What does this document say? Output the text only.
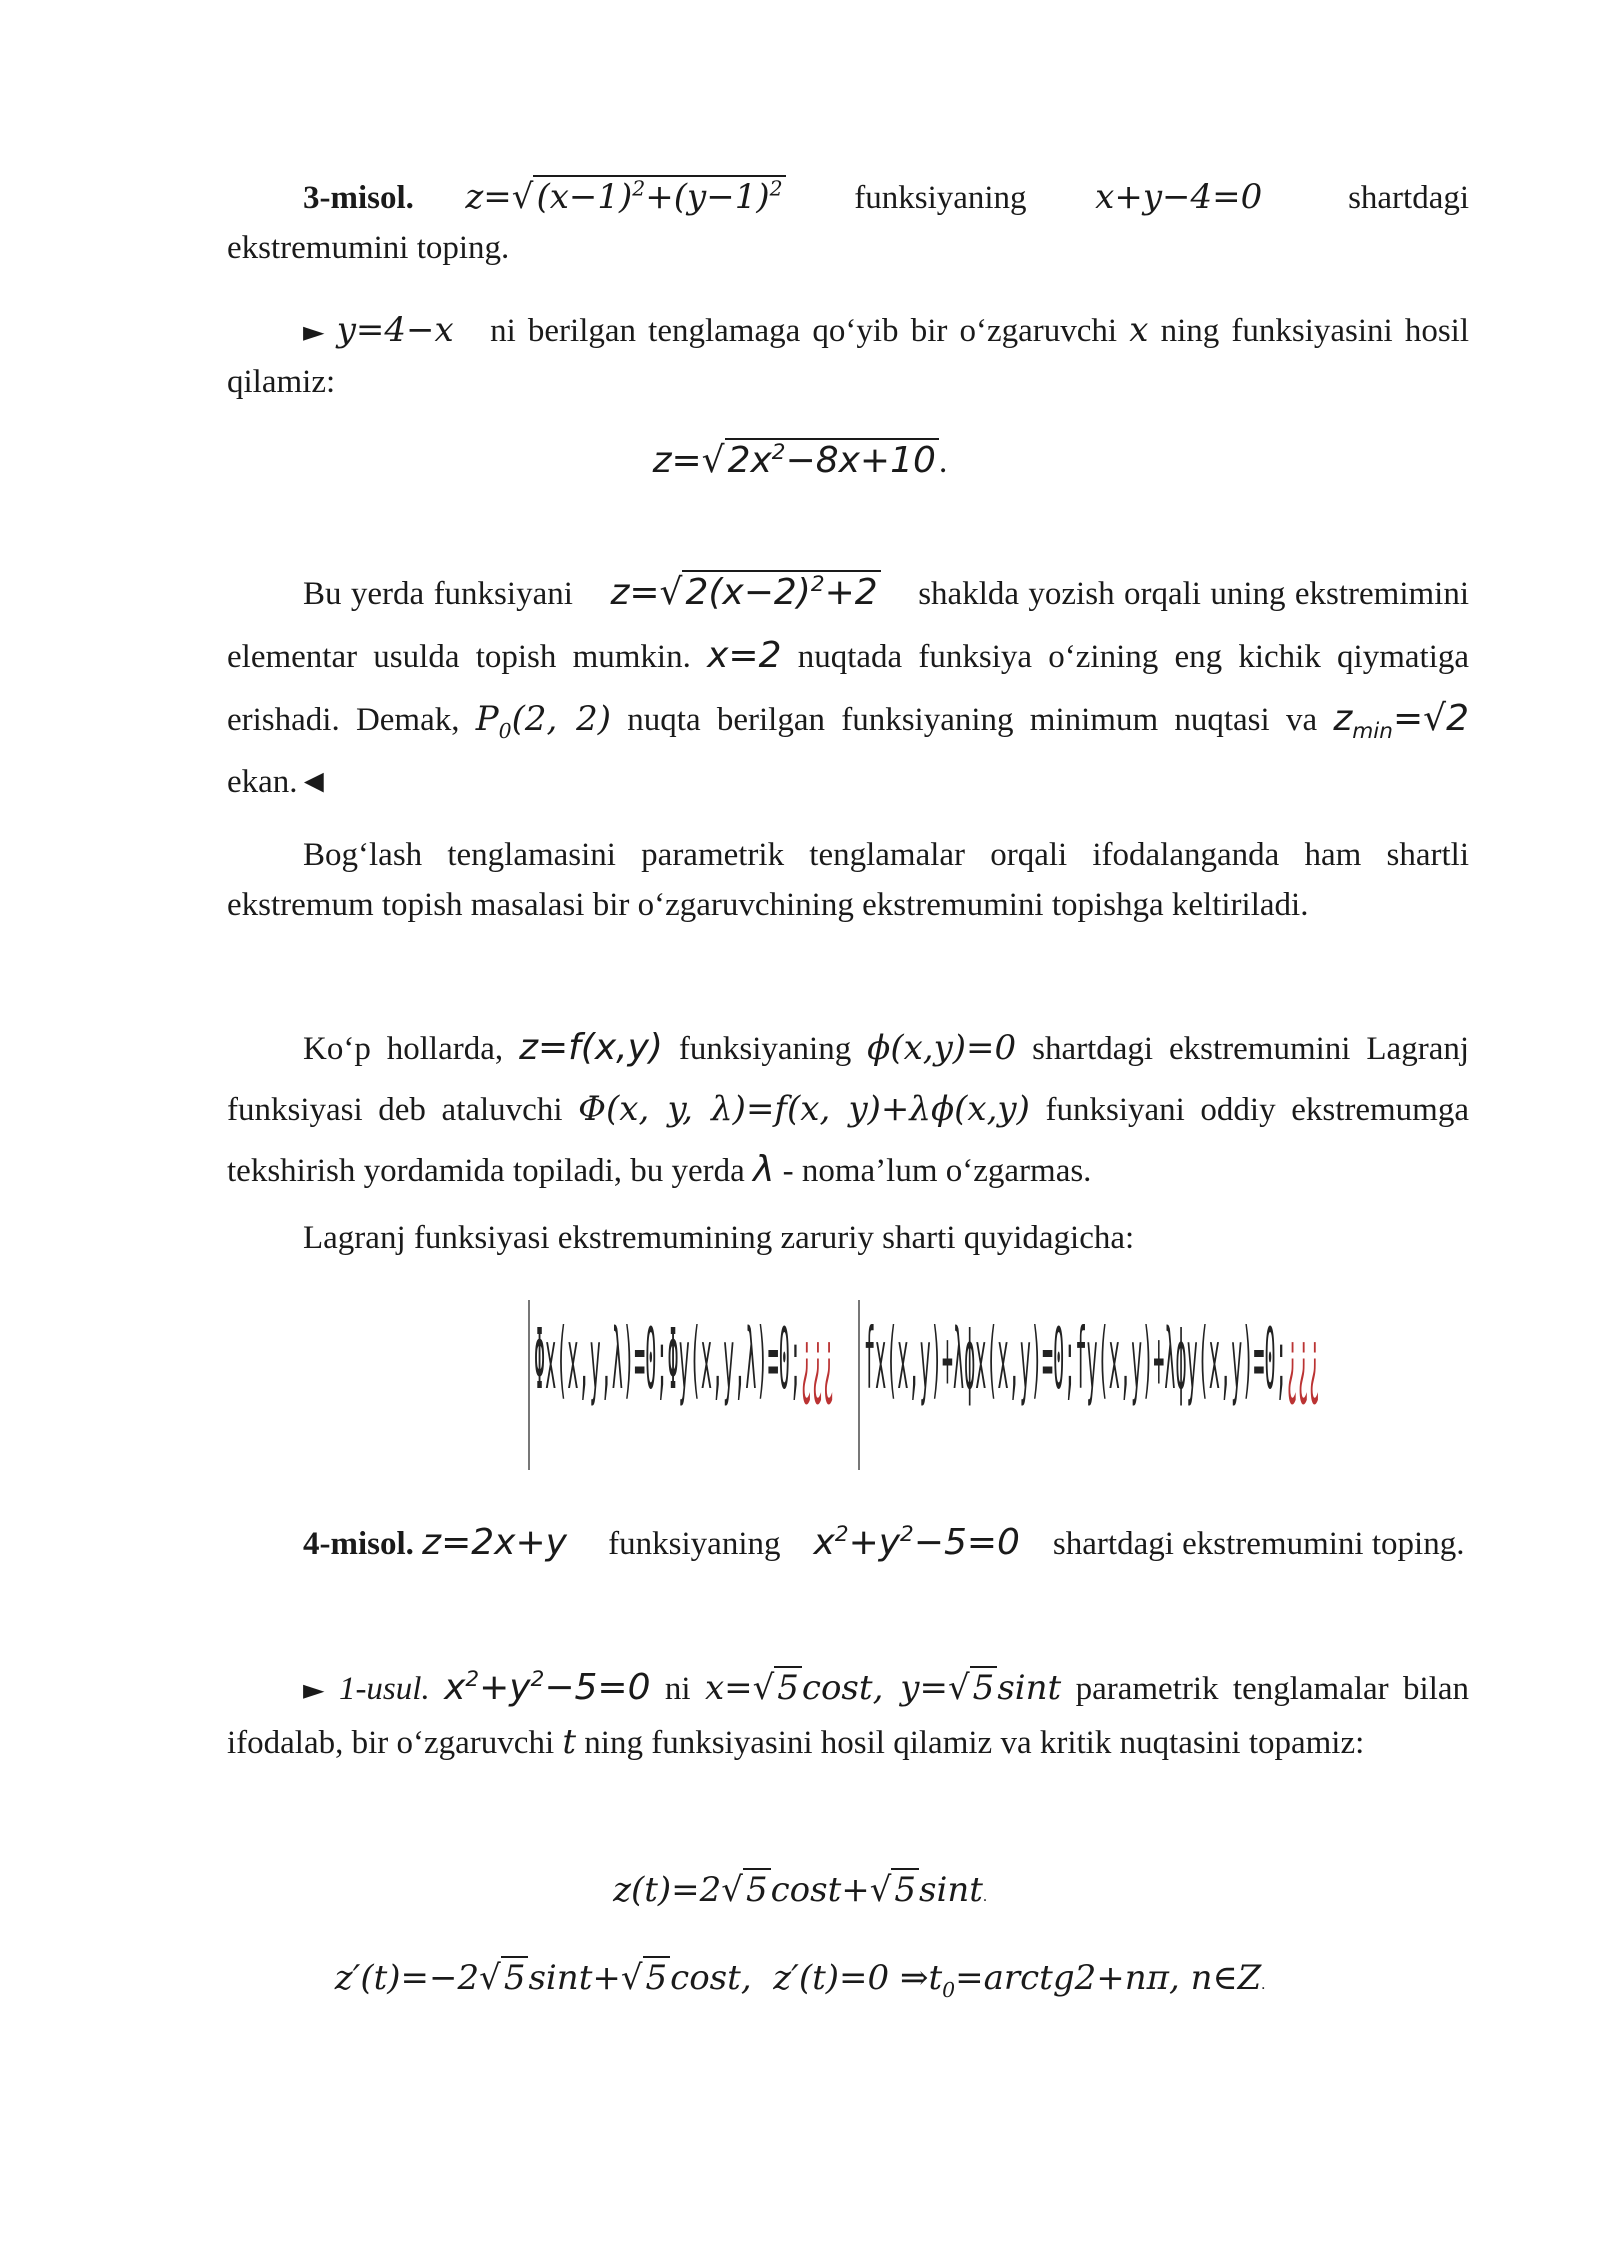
3-misol. $z=√(x-1)^2+(y-1)^2$ funksiyaning x+y−4=0	shartdagi ekstremumini toping.
► y=4−x ni berilgan tenglamaga qo‘yib bir o‘zgaruvchi x ning funksiyasini hosil qilamiz:
$z=√2x^2-8x+10$.
Bu yerda funksiyani $z=√2(x-2)^2+2$ shaklda yozish orqali uning ekstremimini elementar usulda topish mumkin. x=2 nuqtada funksiya o‘zining eng kichik qiymatiga erishadi. Demak, $P_0(2$, 2) nuqta berilgan funksiyaning minimum nuqtasi va $z_{min}=√2$ ekan.◄
Bog‘lash tenglamasini parametrik tenglamalar orqali ifodalanganda ham shartli ekstremum topish masalasi bir o‘zgaruvchining ekstremumini topishga keltiriladi.
Ko‘p hollarda, z=f(x,y) funksiyaning ϕ(x,y)=0 shartdagi ekstremumini Lagranj funksiyasi deb ataluvchi Φ(x, y, λ)=f(x, y)+λϕ(x,y) funksiyani oddiy ekstremumga tekshirish yordamida topiladi, bu yerda λ - noma’lum o‘zgarmas.
Lagranj funksiyasi ekstremumining zaruriy sharti quyidagicha:
Φx(x,y,λ)=0;Φy(x,y,λ)=0;¿¿¿ fx(x,y)+λϕx(x,y)=0;fy(x,y)+λϕy(x,y)=0;¿¿¿
4-misol. z=2x+y funksiyaning $x^2+y^2-5=0$ shartdagi ekstremumini toping.
► 1-usul. $x^2+y^2-5=0$ ni x=√5cost, y=√5sint parametrik tenglamalar bilan ifodalab, bir o‘zgaruvchi t ning funksiyasini hosil qilamiz va kritik nuqtasini topamiz:
z(t)=2√5cost+√5sint.
z′(t)=−2√5sint+√5cost,  z′(t)=0 $\Rightarrow t_0=arctg2+n\pi$, n∈Z.
